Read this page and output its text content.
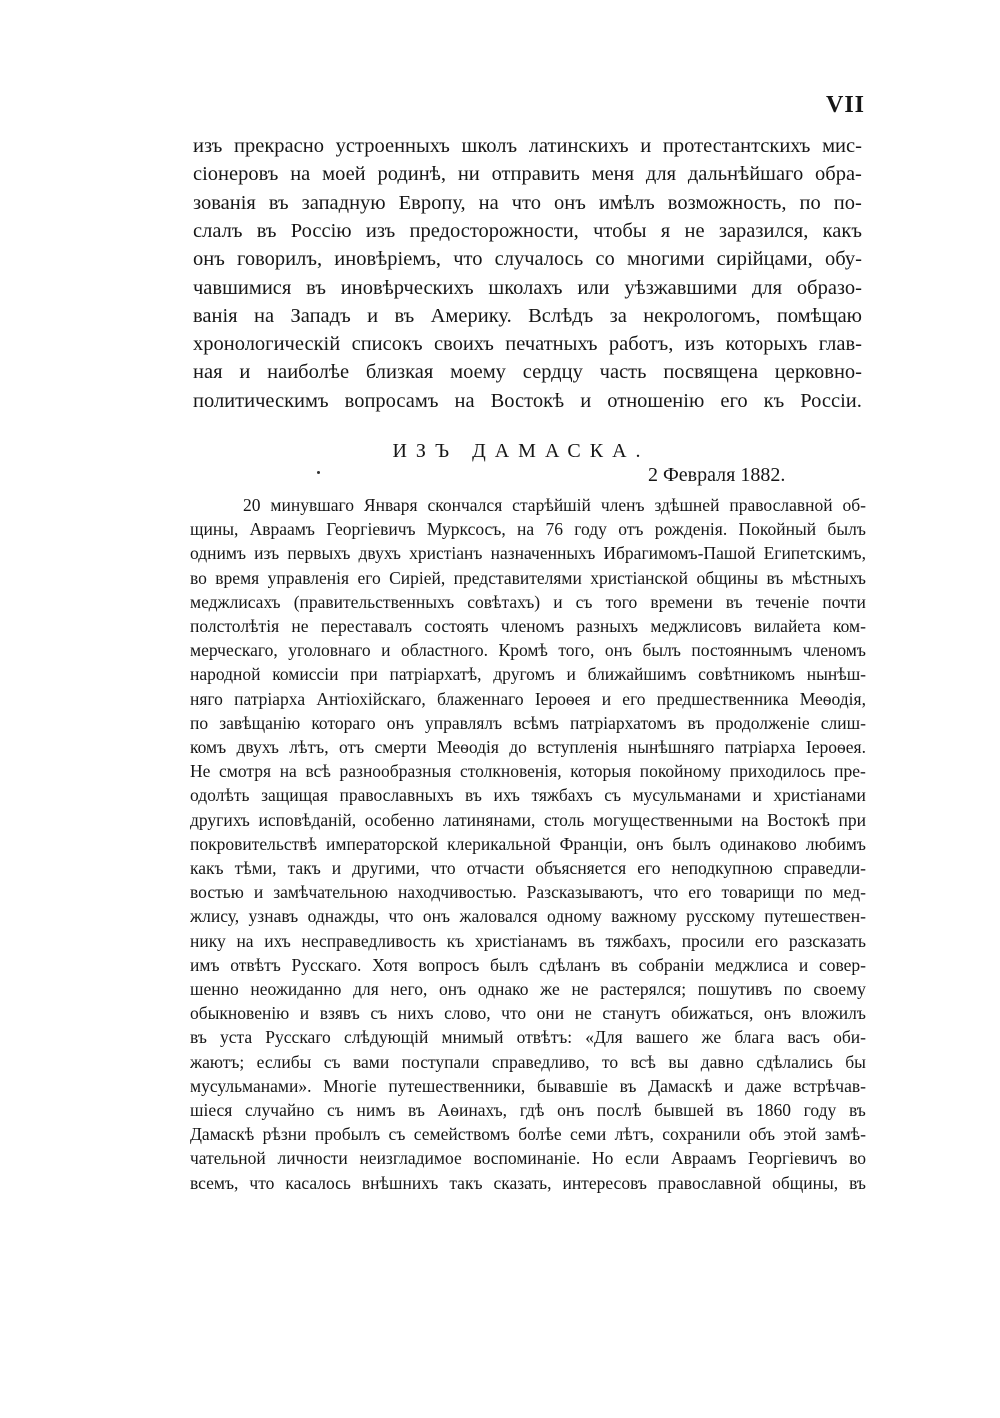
VII
изъ прекрасно устроенныхъ школъ латинскихъ и протестантскихъ мис-
сіонеровъ на моей родинѣ, ни отправить меня для дальнѣйшаго обра-
зованія въ западную Европу, на что онъ имѣлъ возможность, по по-
слалъ въ Россію изъ предосторожности, чтобы я не заразился, какъ
онъ говорилъ, иновѣріемъ, что случалось со многими сирійцами, обу-
чавшимися въ иновѣрческихъ школахъ или уѣзжавшими для образо-
ванія на Западъ и въ Америку. Вслѣдъ за некрологомъ, помѣщаю
хронологическій списокъ своихъ печатныхъ работъ, изъ которыхъ глав-
ная и наиболѣе близкая моему сердцу часть посвящена церковно-
политическимъ вопросамъ на Востокѣ и отношенію его къ Россіи.
ИЗЪ ДАМАСКА.
2 Февраля 1882.
20 минувшаго Января скончался старѣйшій членъ здѣшней православной об-
щины, Авраамъ Георгіевичъ Мурксосъ, на 76 году отъ рожденія. Покойный былъ
однимъ изъ первыхъ двухъ христіанъ назначенныхъ Ибрагимомъ-Пашой Египетскимъ,
во время управленія его Сиріей, представителями христіанской общины въ мѣстныхъ
меджлисахъ (правительственныхъ совѣтахъ) и съ того времени въ теченіе почти
полстолѣтія не переставалъ состоять членомъ разныхъ меджлисовъ вилайета ком-
мерческаго, уголовнаго и областного. Кромѣ того, онъ былъ постояннымъ членомъ
народной комиссіи при патріархатѣ, другомъ и ближайшимъ совѣтникомъ нынѣш-
няго патріарха Антіохійскаго, блаженнаго Іероѳея и его предшественника Меѳодія,
по завѣщанію котораго онъ управлялъ всѣмъ патріархатомъ въ продолженіе слиш-
комъ двухъ лѣтъ, отъ смерти Меѳодія до вступленія нынѣшняго патріарха Іероѳея.
Не смотря на всѣ разнообразныя столкновенія, которыя покойному приходилось пре-
одолѣть защищая православныхъ въ ихъ тяжбахъ съ мусульманами и христіанами
другихъ исповѣданій, особенно латинянами, столь могущественными на Востокѣ при
покровительствѣ императорской клерикальной Франціи, онъ былъ одинаково любимъ
какъ тѣми, такъ и другими, что отчасти объясняется его неподкупною справедли-
востью и замѣчательною находчивостью. Разсказываютъ, что его товарищи по мед-
жлису, узнавъ однажды, что онъ жаловался одному важному русскому путешествен-
нику на ихъ несправедливость къ христіанамъ въ тяжбахъ, просили его разсказать
имъ отвѣтъ Русскаго. Хотя вопросъ былъ сдѣланъ въ собраніи меджлиса и совер-
шенно неожиданно для него, онъ однако же не растерялся; пошутивъ по своему
обыкновенію и взявъ съ нихъ слово, что они не станутъ обижаться, онъ вложилъ
въ уста Русскаго слѣдующій мнимый отвѣтъ: «Для вашего же блага васъ оби-
жаютъ; еслибы съ вами поступали справедливо, то всѣ вы давно сдѣлались бы
мусульманами». Многіе путешественники, бывавшіе въ Дамаскѣ и даже встрѣчав-
шіеся случайно съ нимъ въ Аѳинахъ, гдѣ онъ послѣ бывшей въ 1860 году въ
Дамаскѣ рѣзни пробылъ съ семействомъ болѣе семи лѣтъ, сохранили объ этой замѣ-
чательной личности неизгладимое воспоминаніе. Но если Авраамъ Георгіевичъ во
всемъ, что касалось внѣшнихъ такъ сказать, интересовъ православной общины, въ
